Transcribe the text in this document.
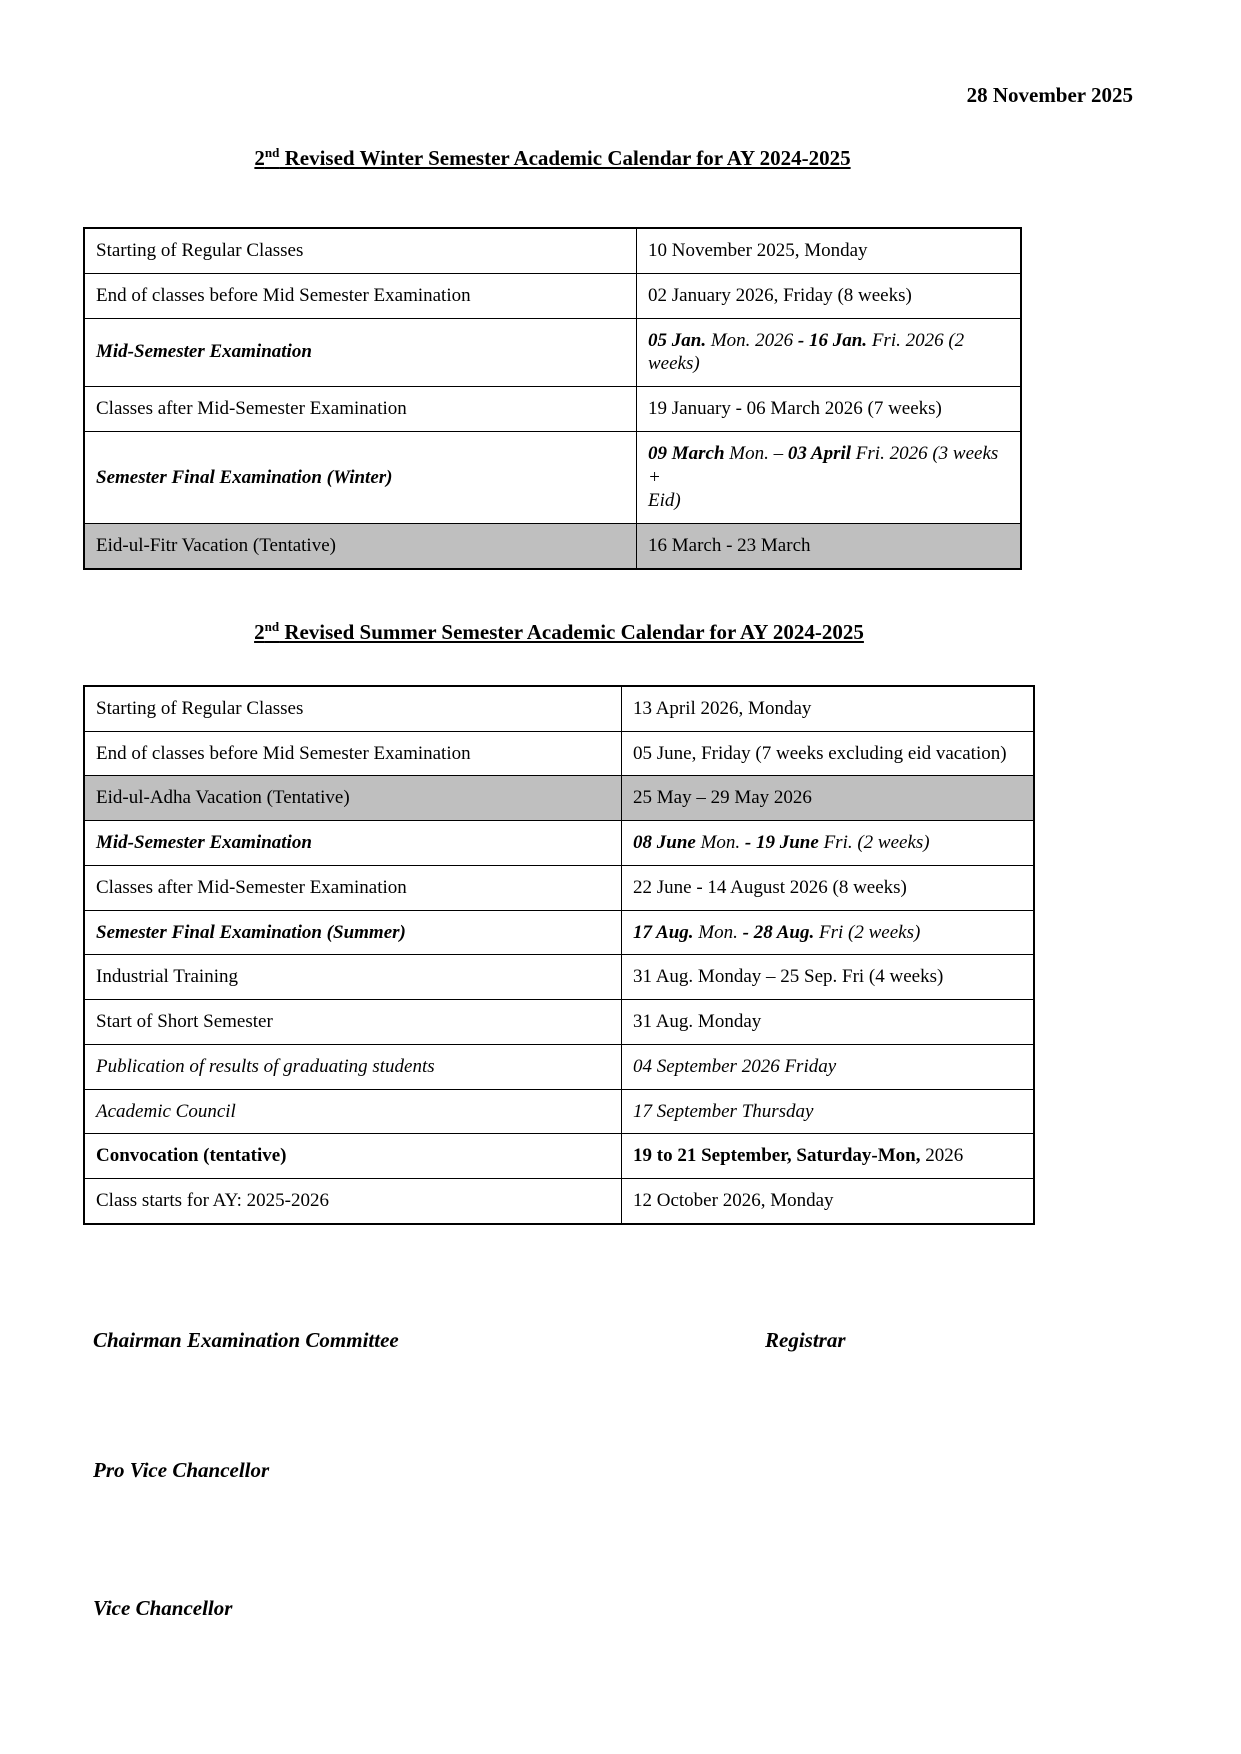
28 November 2025
2nd Revised Winter Semester Academic Calendar for AY 2024-2025
Starting of Regular Classes	10 November 2025, Monday
End of classes before Mid Semester Examination	02 January 2026, Friday (8 weeks)
Mid-Semester Examination	05 Jan. Mon. 2026 - 16 Jan. Fri. 2026 (2 weeks)
Classes after Mid-Semester Examination	19 January - 06 March 2026 (7 weeks)
Semester Final Examination (Winter)	09 March Mon. – 03 April Fri. 2026 (3 weeks +
Eid)
Eid-ul-Fitr Vacation (Tentative)	16 March - 23 March
2nd Revised Summer Semester Academic Calendar for AY 2024-2025
Starting of Regular Classes	13 April 2026, Monday
End of classes before Mid Semester Examination	05 June, Friday (7 weeks excluding eid vacation)
Eid-ul-Adha Vacation (Tentative)	25 May – 29 May 2026
Mid-Semester Examination	08 June Mon. - 19 June Fri. (2 weeks)
Classes after Mid-Semester Examination	22 June - 14 August 2026 (8 weeks)
Semester Final Examination (Summer)	17 Aug. Mon. - 28 Aug. Fri (2 weeks)
Industrial Training	31 Aug. Monday – 25 Sep. Fri (4 weeks)
Start of Short Semester	31 Aug. Monday
Publication of results of graduating students	04 September 2026 Friday
Academic Council	17 September Thursday
Convocation (tentative)	19 to 21 September, Saturday-Mon, 2026
Class starts for AY: 2025-2026	12 October 2026, Monday
Chairman Examination Committee	Registrar
Pro Vice Chancellor
Vice Chancellor
